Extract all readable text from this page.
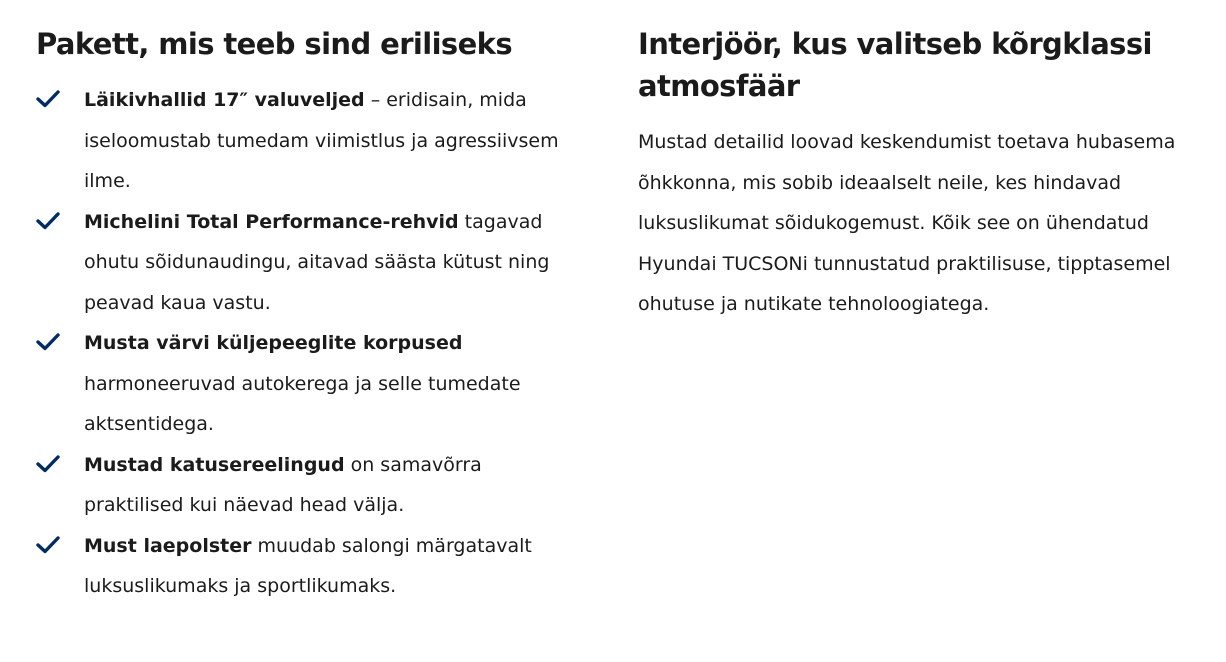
Pakett, mis teeb sind eriliseks
Läikivhallid 17″ valuveljed – eridisain, mida iseloomustab tumedam viimistlus ja agressiivsem ilme.
Michelini Total Performance-rehvid tagavad ohutu sõidunaudingu, aitavad säästa kütust ning peavad kaua vastu.
Musta värvi küljepeeglite korpused harmoneeruvad autokerega ja selle tumedate aktsentidega.
Mustad katusereelingud on samavõrra praktilised kui näevad head välja.
Must laepolster muudab salongi märgatavalt luksuslikumaks ja sportlikumaks.
Interjöör, kus valitseb kõrgklassi atmosfäär

Mustad detailid loovad keskendumist toetava hubasema õhkkonna, mis sobib ideaalselt neile, kes hindavad luksuslikumat sõidukogemust. Kõik see on ühendatud Hyundai TUCSONi tunnustatud praktilisuse, tipptasemel ohutuse ja nutikate tehnoloogiatega.
